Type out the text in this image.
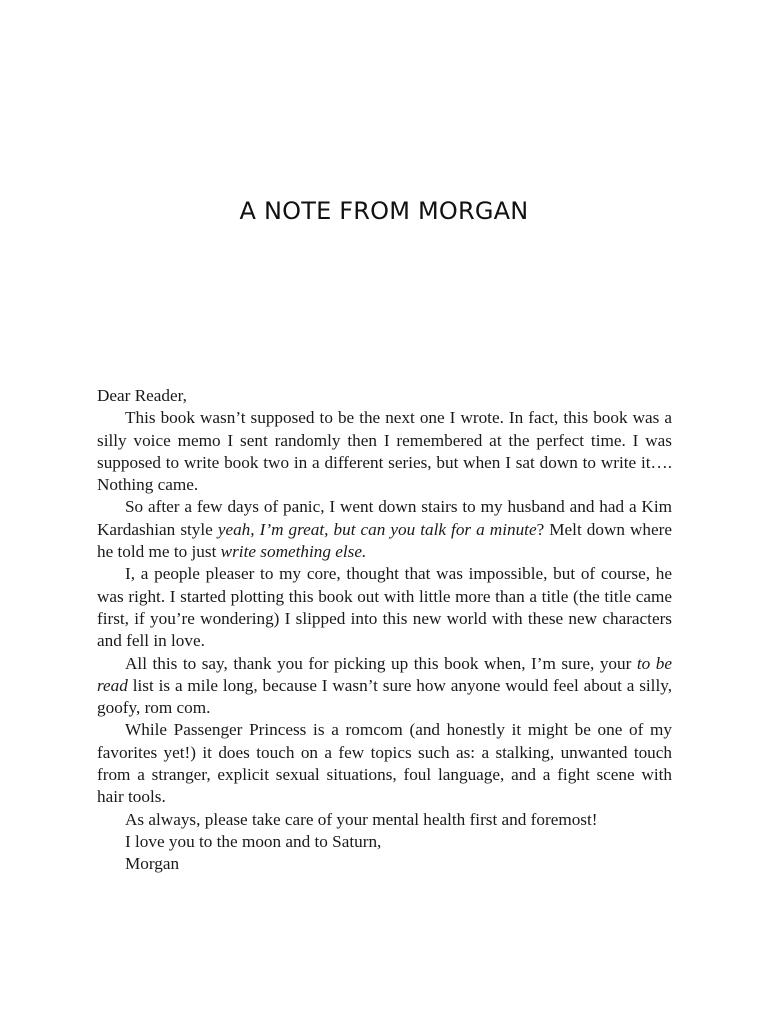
A NOTE FROM MORGAN

Dear Reader,

This book wasn’t supposed to be the next one I wrote. In fact, this book was a silly voice memo I sent randomly then I remembered at the perfect time. I was supposed to write book two in a different series, but when I sat down to write it…. Nothing came.

So after a few days of panic, I went down stairs to my husband and had a Kim Kardashian style yeah, I’m great, but can you talk for a minute? Melt down where he told me to just write something else.

I, a people pleaser to my core, thought that was impossible, but of course, he was right. I started plotting this book out with little more than a title (the title came first, if you’re wondering) I slipped into this new world with these new characters and fell in love.

All this to say, thank you for picking up this book when, I’m sure, your to be read list is a mile long, because I wasn’t sure how anyone would feel about a silly, goofy, rom com.

While Passenger Princess is a romcom (and honestly it might be one of my favorites yet!) it does touch on a few topics such as: a stalking, unwanted touch from a stranger, explicit sexual situations, foul language, and a fight scene with hair tools.

As always, please take care of your mental health first and foremost!

I love you to the moon and to Saturn,

Morgan
